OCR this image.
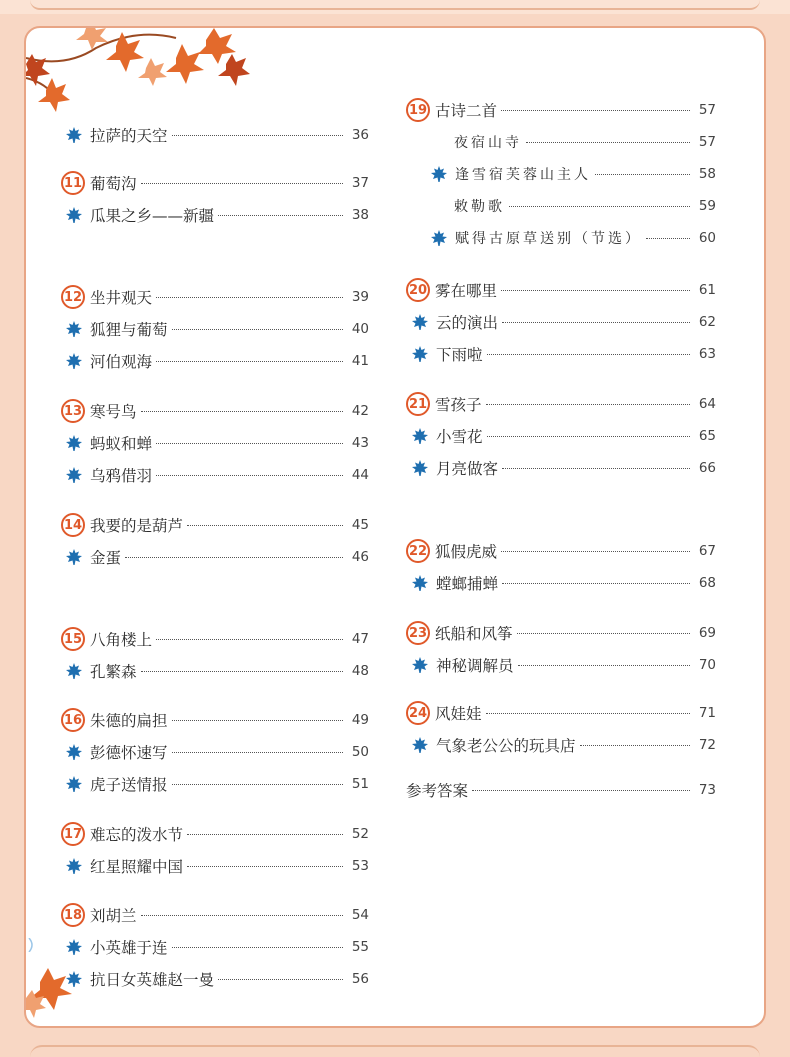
拉萨的天空	36
11 葡萄沟	37
瓜果之乡——新疆	38
12 坐井观天	39
狐狸与葡萄	40
河伯观海	41
13 寒号鸟	42
蚂蚁和蝉	43
乌鸦借羽	44
14 我要的是葫芦	45
金蛋	46
15 八角楼上	47
孔繁森	48
16 朱德的扁担	49
彭德怀速写	50
虎子送情报	51
17 难忘的泼水节	52
红星照耀中国	53
18 刘胡兰	54
小英雄于连	55
抗日女英雄赵一曼	56
19 古诗二首	57
夜宿山寺	57
逢雪宿芙蓉山主人	58
敕勒歌	59
赋得古原草送别（节选）	60
20 雾在哪里	61
云的演出	62
下雨啦	63
21 雪孩子	64
小雪花	65
月亮做客	66
22 狐假虎威	67
螳螂捕蝉	68
23 纸船和风筝	69
神秘调解员	70
24 风娃娃	71
气象老公公的玩具店	72
参考答案	73
